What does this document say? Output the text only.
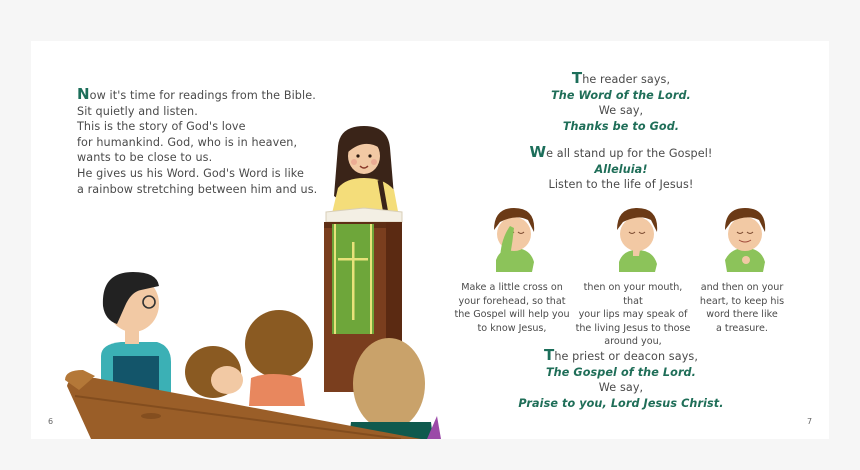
Now it's time for readings from the Bible.
Sit quietly and listen.
This is the story of God's love
for humankind. God, who is in heaven,
wants to be close to us.
He gives us his Word. God's Word is like
a rainbow stretching between him and us.
The reader says,
The Word of the Lord.
We say,
Thanks be to God.
We all stand up for the Gospel!
Alleluia!
Listen to the life of Jesus!
Make a little cross on
your forehead, so that
the Gospel will help you
to know Jesus,
then on your mouth, that
your lips may speak of
the living Jesus to those
around you,
and then on your
heart, to keep his
word there like
a treasure.
The priest or deacon says,
The Gospel of the Lord.
We say,
Praise to you, Lord Jesus Christ.
6	7
